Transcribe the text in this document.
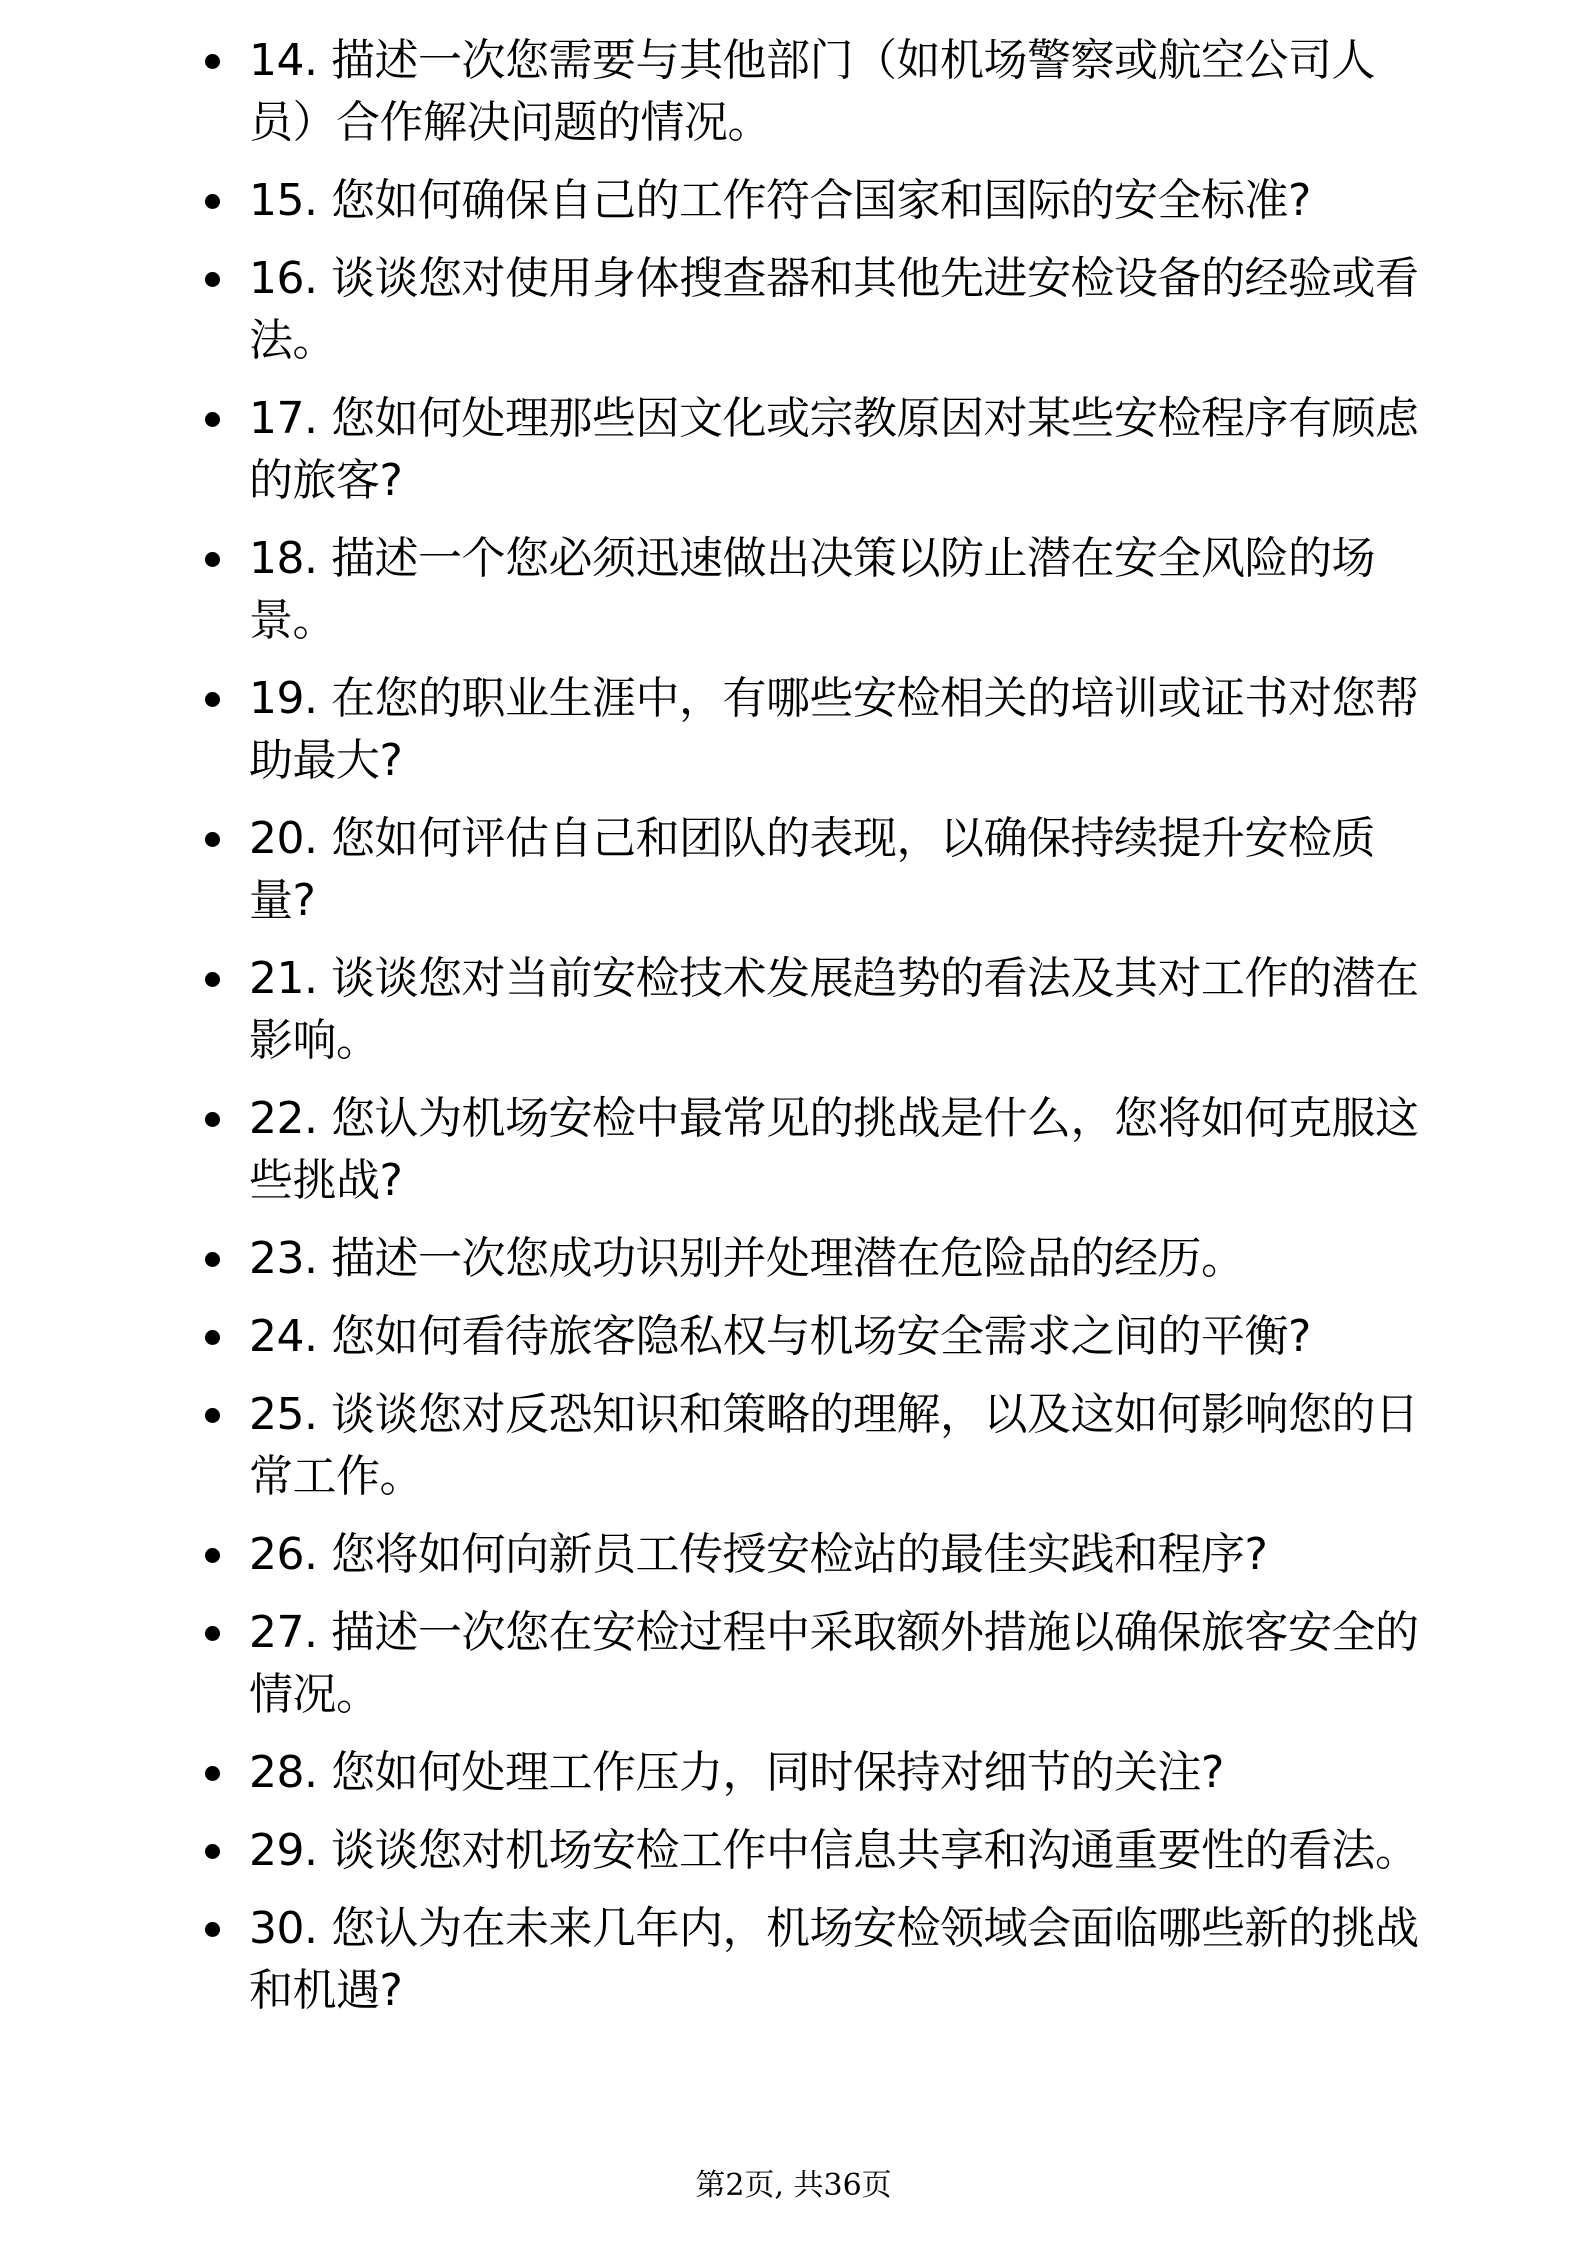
14. 描述一次您需要与其他部门（如机场警察或航空公司人员）合作解决问题的情况。
15. 您如何确保自己的工作符合国家和国际的安全标准?
16. 谈谈您对使用身体搜查器和其他先进安检设备的经验或看法。
17. 您如何处理那些因文化或宗教原因对某些安检程序有顾虑的旅客?
18. 描述一个您必须迅速做出决策以防止潜在安全风险的场景。
19. 在您的职业生涯中，有哪些安检相关的培训或证书对您帮助最大?
20. 您如何评估自己和团队的表现，以确保持续提升安检质量?
21. 谈谈您对当前安检技术发展趋势的看法及其对工作的潜在影响。
22. 您认为机场安检中最常见的挑战是什么，您将如何克服这些挑战?
23. 描述一次您成功识别并处理潜在危险品的经历。
24. 您如何看待旅客隐私权与机场安全需求之间的平衡?
25. 谈谈您对反恐知识和策略的理解，以及这如何影响您的日常工作。
26. 您将如何向新员工传授安检站的最佳实践和程序?
27. 描述一次您在安检过程中采取额外措施以确保旅客安全的情况。
28. 您如何处理工作压力，同时保持对细节的关注?
29. 谈谈您对机场安检工作中信息共享和沟通重要性的看法。
30. 您认为在未来几年内，机场安检领域会面临哪些新的挑战和机遇?
第2页, 共36页
